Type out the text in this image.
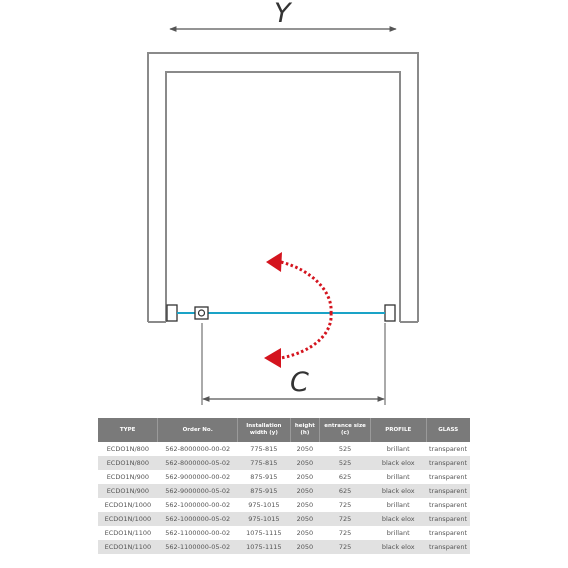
Y
C
TYPE	Order No.	Installation width (y)	height (h)	entrance size (c)	PROFILE	GLASS
ECDO1N/800	562-8000000-00-02	775-815	2050	525	brillant	transparent
ECDO1N/800	562-8000000-05-02	775-815	2050	525	black elox	transparent
ECDO1N/900	562-9000000-00-02	875-915	2050	625	brillant	transparent
ECDO1N/900	562-9000000-05-02	875-915	2050	625	black elox	transparent
ECDO1N/1000	562-1000000-00-02	975-1015	2050	725	brillant	transparent
ECDO1N/1000	562-1000000-05-02	975-1015	2050	725	black elox	transparent
ECDO1N/1100	562-1100000-00-02	1075-1115	2050	725	brillant	transparent
ECDO1N/1100	562-1100000-05-02	1075-1115	2050	725	black elox	transparent
